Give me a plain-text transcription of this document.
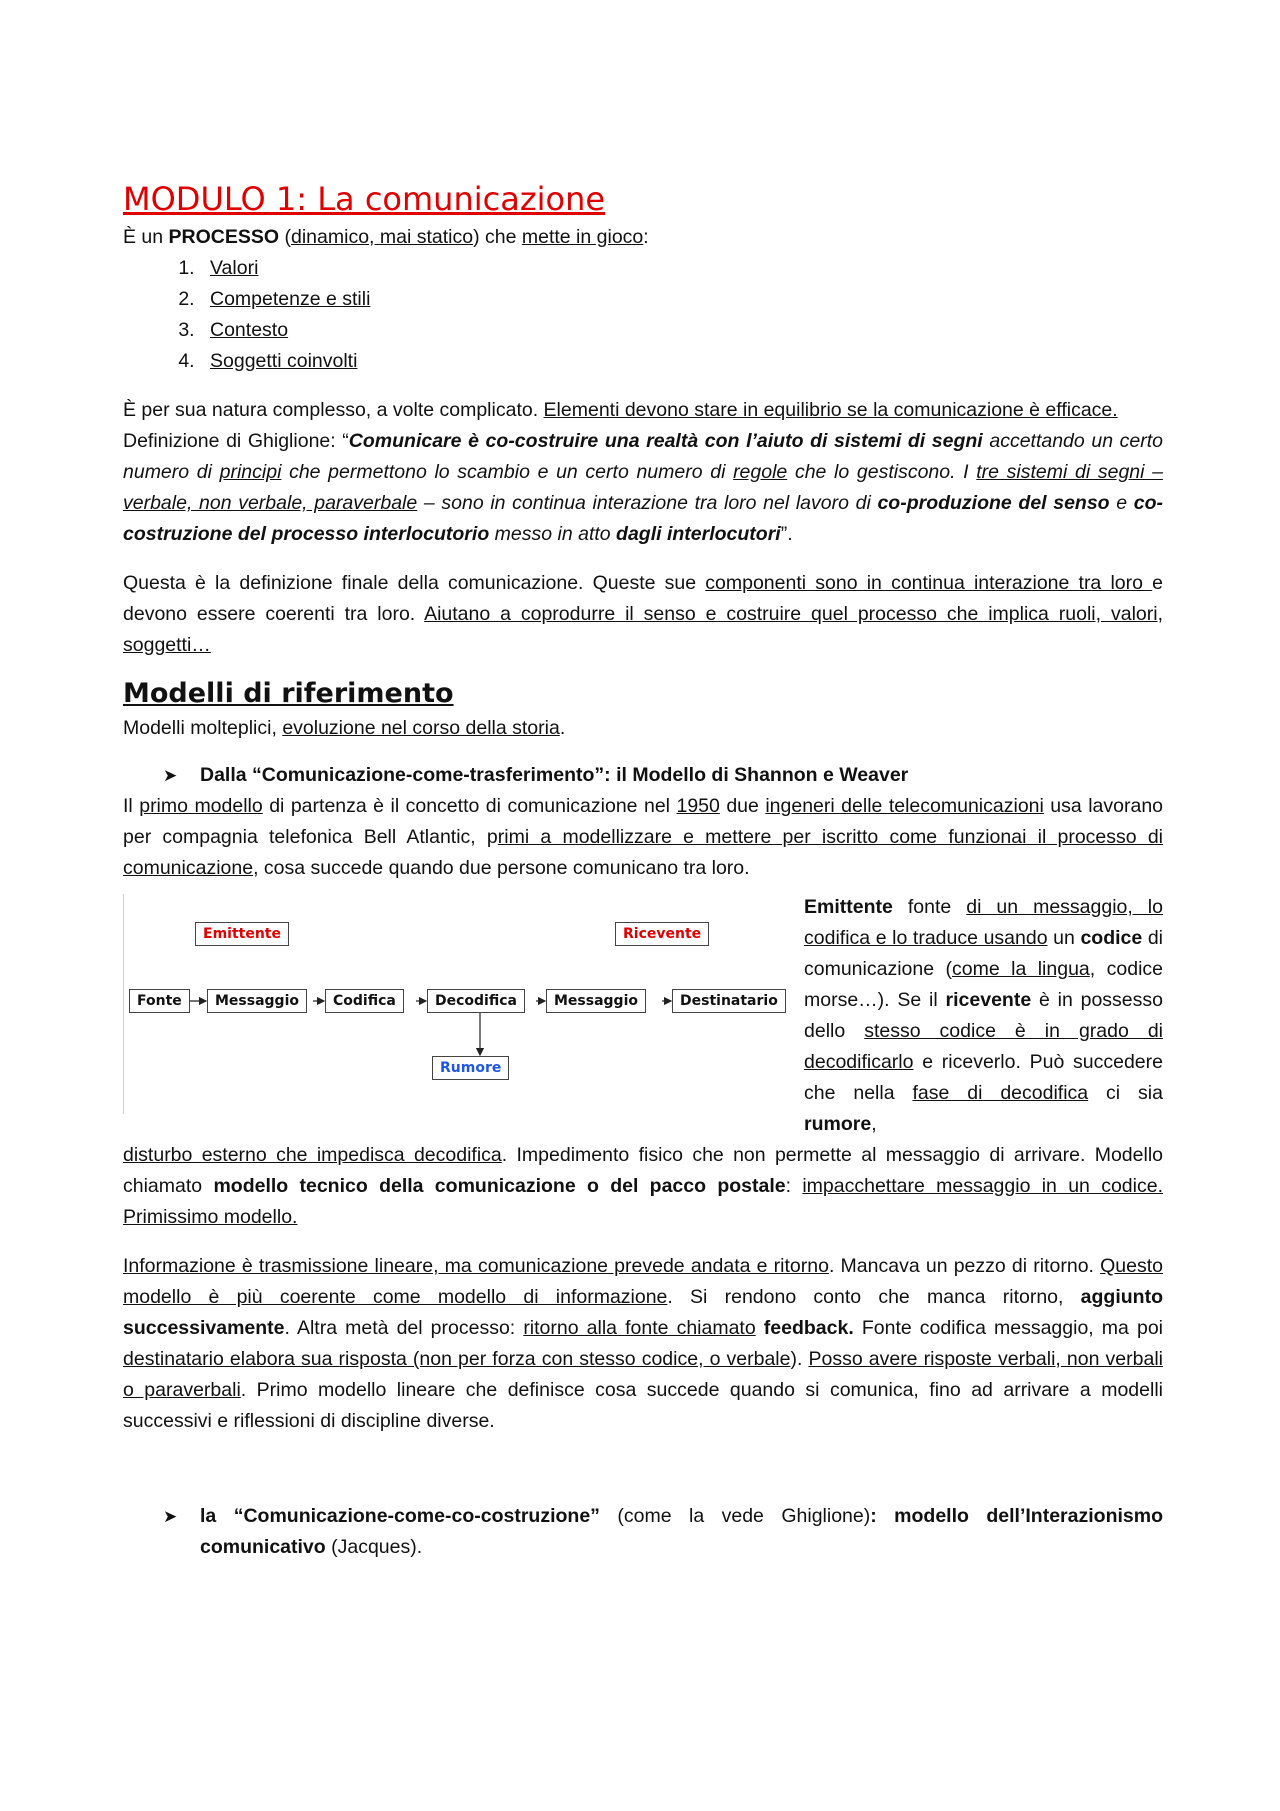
MODULO 1: La comunicazione

È un PROCESSO (dinamico, mai statico) che mette in gioco:

1. Valori
2. Competenze e stili
3. Contesto
4. Soggetti coinvolti

È per sua natura complesso, a volte complicato. Elementi devono stare in equilibrio se la comunicazione è efficace.

Definizione di Ghiglione: “Comunicare è co-costruire una realtà con l’aiuto di sistemi di segni accettando un certo numero di principi che permettono lo scambio e un certo numero di regole che lo gestiscono. I tre sistemi di segni – verbale, non verbale, paraverbale – sono in continua interazione tra loro nel lavoro di co-produzione del senso e co-costruzione del processo interlocutorio messo in atto dagli interlocutori”.

Questa è la definizione finale della comunicazione. Queste sue componenti sono in continua interazione tra loro e devono essere coerenti tra loro. Aiutano a coprodurre il senso e costruire quel processo che implica ruoli, valori, soggetti…

Modelli di riferimento

Modelli molteplici, evoluzione nel corso della storia.

➤ Dalla “Comunicazione-come-trasferimento”: il Modello di Shannon e Weaver

Il primo modello di partenza è il concetto di comunicazione nel 1950 due ingeneri delle telecomunicazioni usa lavorano per compagnia telefonica Bell Atlantic, primi a modellizzare e mettere per iscritto come funzionai il processo di comunicazione, cosa succede quando due persone comunicano tra loro.

Emittente	Ricevente
Fonte	Messaggio	Codifica	Decodifica	Messaggio	Destinatario
Rumore
Emittente fonte di un messaggio, lo codifica e lo traduce usando un codice di comunicazione (come la lingua, codice morse…). Se il ricevente è in possesso dello stesso codice è in grado di decodificarlo e riceverlo. Può succedere che nella fase di decodifica ci sia rumore,

disturbo esterno che impedisca decodifica. Impedimento fisico che non permette al messaggio di arrivare. Modello chiamato modello tecnico della comunicazione o del pacco postale: impacchettare messaggio in un codice. Primissimo modello.

Informazione è trasmissione lineare, ma comunicazione prevede andata e ritorno. Mancava un pezzo di ritorno. Questo modello è più coerente come modello di informazione. Si rendono conto che manca ritorno, aggiunto successivamente. Altra metà del processo: ritorno alla fonte chiamato feedback. Fonte codifica messaggio, ma poi destinatario elabora sua risposta (non per forza con stesso codice, o verbale). Posso avere risposte verbali, non verbali o paraverbali. Primo modello lineare che definisce cosa succede quando si comunica, fino ad arrivare a modelli successivi e riflessioni di discipline diverse.

➤ la “Comunicazione-come-co-costruzione” (come la vede Ghiglione): modello dell’Interazionismo comunicativo (Jacques).
